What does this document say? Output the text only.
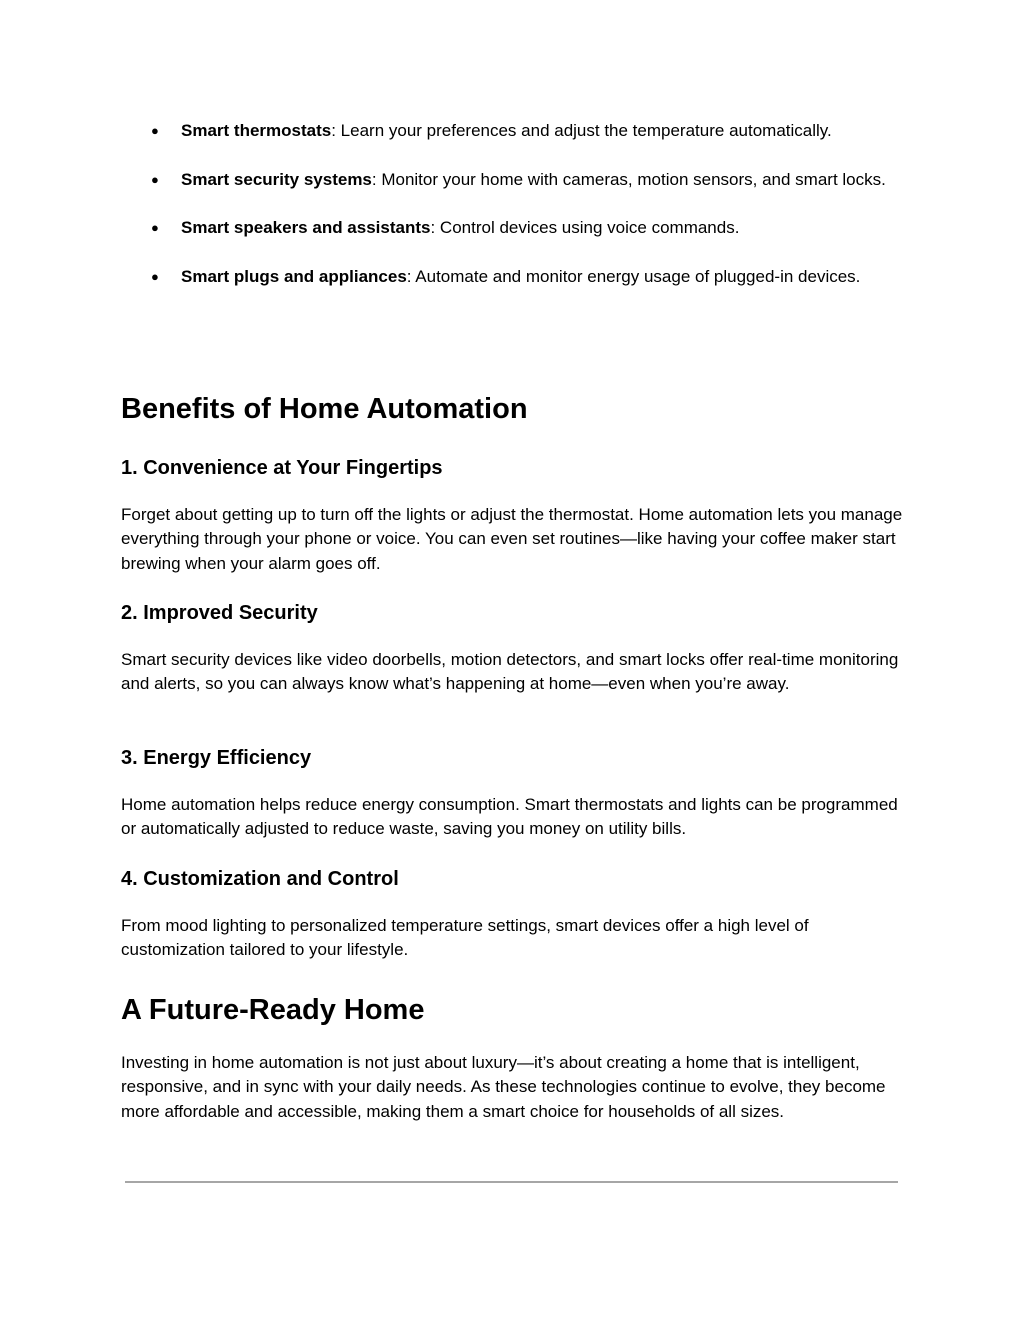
● Smart thermostats: Learn your preferences and adjust the temperature automatically.
● Smart security systems: Monitor your home with cameras, motion sensors, and smart locks.
● Smart speakers and assistants: Control devices using voice commands.
● Smart plugs and appliances: Automate and monitor energy usage of plugged-in devices.
Benefits of Home Automation
1. Convenience at Your Fingertips

Forget about getting up to turn off the lights or adjust the thermostat. Home automation lets you manage everything through your phone or voice. You can even set routines—like having your coffee maker start brewing when your alarm goes off.

2. Improved Security

Smart security devices like video doorbells, motion detectors, and smart locks offer real-time monitoring and alerts, so you can always know what’s happening at home—even when you’re away.

3. Energy Efficiency

Home automation helps reduce energy consumption. Smart thermostats and lights can be programmed or automatically adjusted to reduce waste, saving you money on utility bills.

4. Customization and Control

From mood lighting to personalized temperature settings, smart devices offer a high level of customization tailored to your lifestyle.

A Future-Ready Home

Investing in home automation is not just about luxury—it’s about creating a home that is intelligent, responsive, and in sync with your daily needs. As these technologies continue to evolve, they become more affordable and accessible, making them a smart choice for households of all sizes.
